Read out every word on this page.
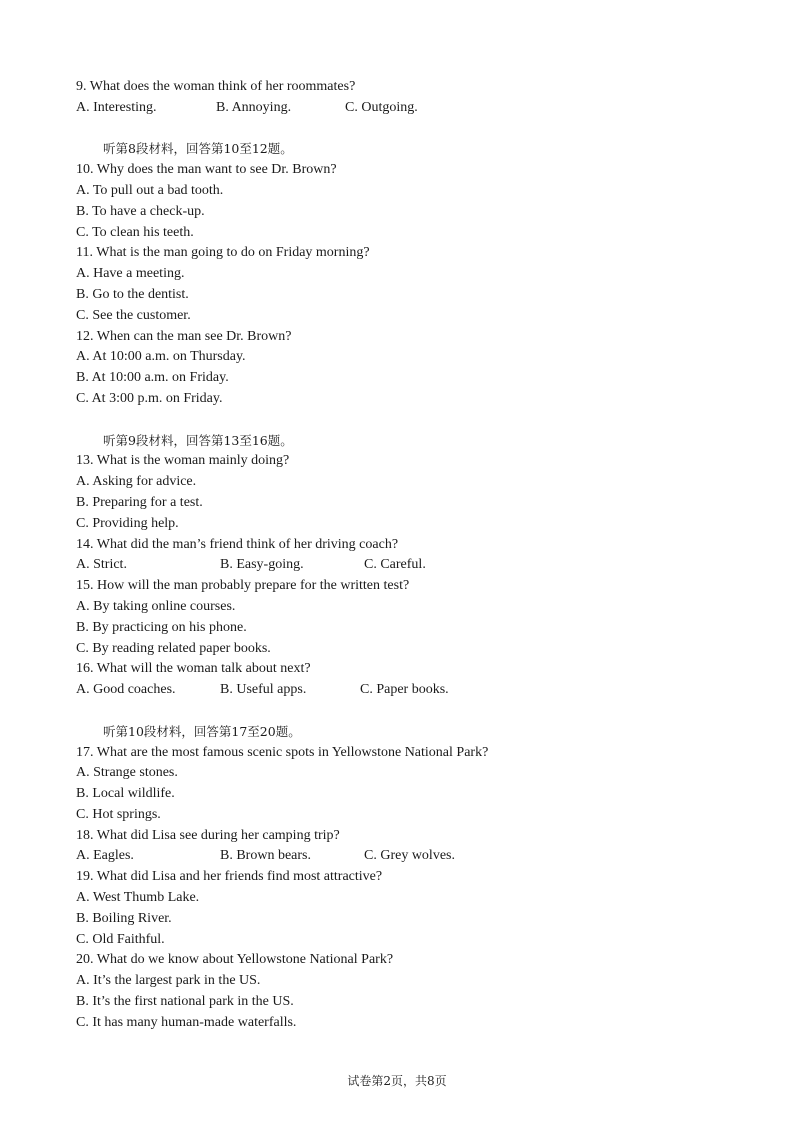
9. What does the woman think of her roommates?
A. Interesting.	B. Annoying.	C. Outgoing.
听第8段材料，回答第10至12题。
10. Why does the man want to see Dr. Brown?
A. To pull out a bad tooth.
B. To have a check-up.
C. To clean his teeth.
11. What is the man going to do on Friday morning?
A. Have a meeting.
B. Go to the dentist.
C. See the customer.
12. When can the man see Dr. Brown?
A. At 10:00 a.m. on Thursday.
B. At 10:00 a.m. on Friday.
C. At 3:00 p.m. on Friday.
听第9段材料，回答第13至16题。
13. What is the woman mainly doing?
A. Asking for advice.
B. Preparing for a test.
C. Providing help.
14. What did the man’s friend think of her driving coach?
A. Strict.	B. Easy-going.	C. Careful.
15. How will the man probably prepare for the written test?
A. By taking online courses.
B. By practicing on his phone.
C. By reading related paper books.
16. What will the woman talk about next?
A. Good coaches.	B. Useful apps.	C. Paper books.
听第10段材料，回答第17至20题。
17. What are the most famous scenic spots in Yellowstone National Park?
A. Strange stones.
B. Local wildlife.
C. Hot springs.
18. What did Lisa see during her camping trip?
A. Eagles.	B. Brown bears.	C. Grey wolves.
19. What did Lisa and her friends find most attractive?
A. West Thumb Lake.
B. Boiling River.
C. Old Faithful.
20. What do we know about Yellowstone National Park?
A. It’s the largest park in the US.
B. It’s the first national park in the US.
C. It has many human-made waterfalls.
试卷第2页，共8页
